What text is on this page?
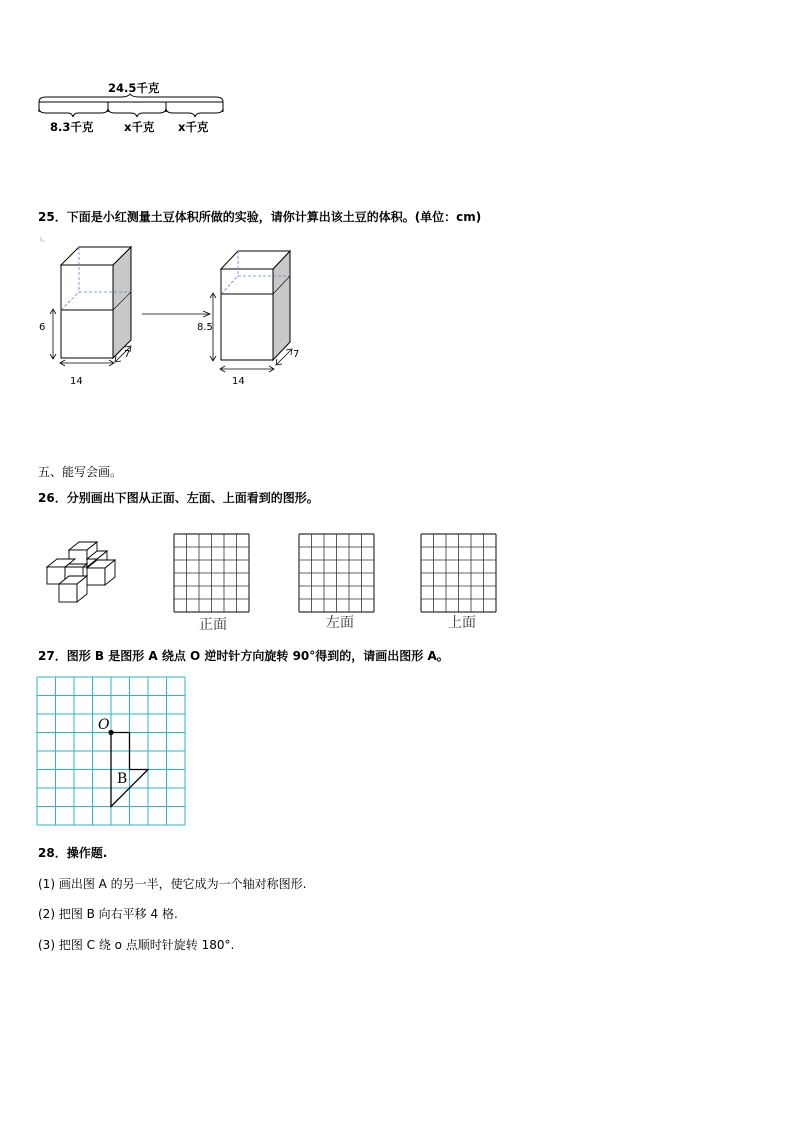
24.5千克
8.3千克	x千克 x千克
25．下面是小红测量土豆体积所做的实验，请你计算出该土豆的体积。(单位：cm)
6
7
14
8.5
7
14
五、能写会画。
26．分别画出下图从正面、左面、上面看到的图形。
正面	左面	上面
27．图形 B 是图形 A 绕点 O 逆时针方向旋转 90°得到的，请画出图形 A。
O
B
28．操作题.
(1) 画出图 A 的另一半，使它成为一个轴对称图形.
(2) 把图 B 向右平移 4 格.
(3) 把图 C 绕 o 点顺时针旋转 180°.
